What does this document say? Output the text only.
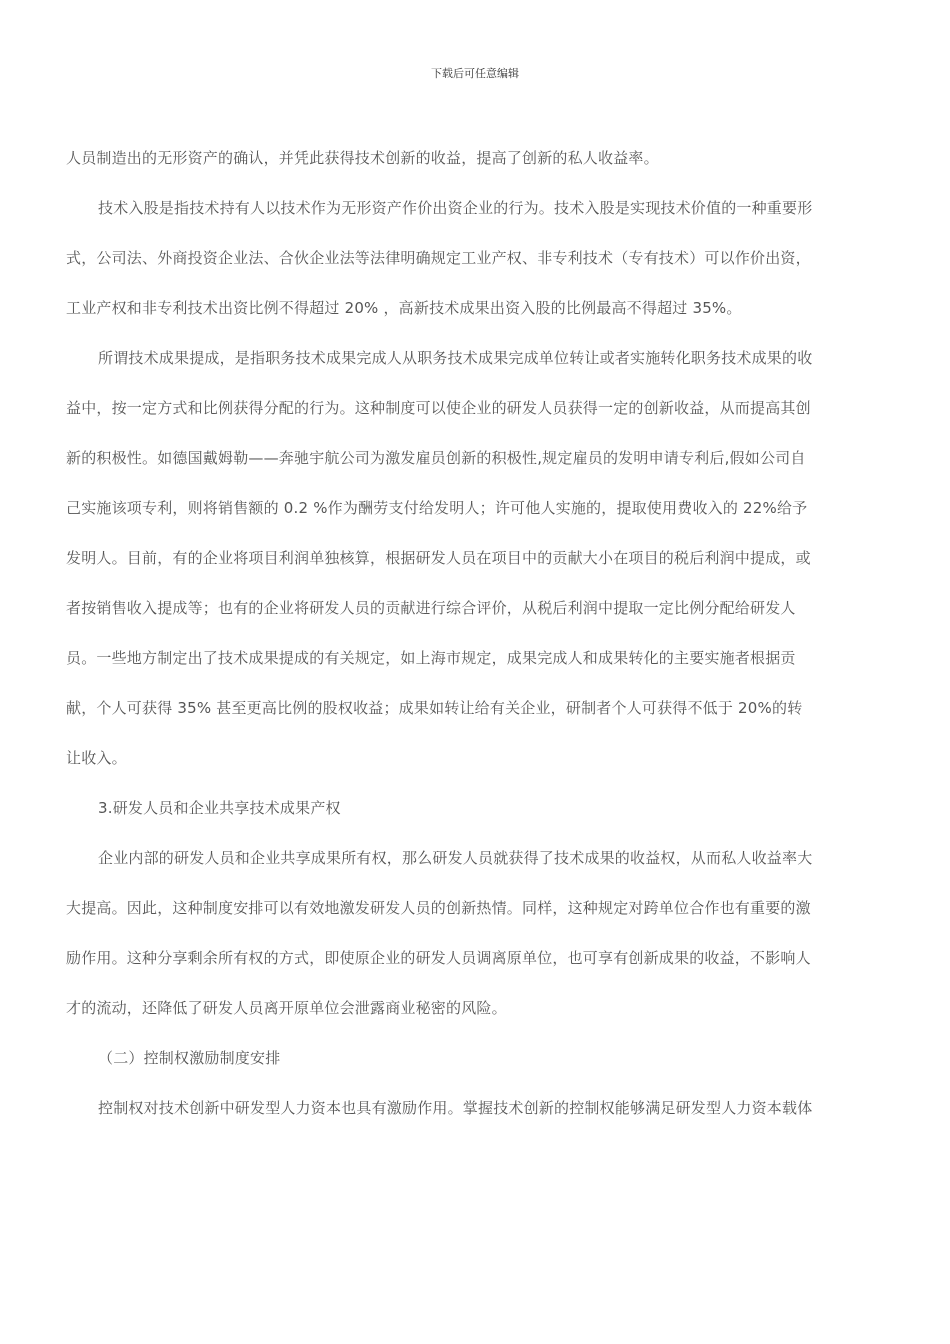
下载后可任意编辑

人员制造出的无形资产的确认，并凭此获得技术创新的收益，提高了创新的私人收益率。

技术入股是指技术持有人以技术作为无形资产作价出资企业的行为。技术入股是实现技术价值的一种重要形
式，公司法、外商投资企业法、合伙企业法等法律明确规定工业产权、非专利技术（专有技术）可以作价出资，
工业产权和非专利技术出资比例不得超过 20% ，高新技术成果出资入股的比例最高不得超过 35%。

所谓技术成果提成，是指职务技术成果完成人从职务技术成果完成单位转让或者实施转化职务技术成果的收
益中，按一定方式和比例获得分配的行为。这种制度可以使企业的研发人员获得一定的创新收益，从而提高其创
新的积极性。如德国戴姆勒——奔驰宇航公司为激发雇员创新的积极性,规定雇员的发明申请专利后,假如公司自
己实施该项专利，则将销售额的 0.2 %作为酬劳支付给发明人；许可他人实施的，提取使用费收入的 22%给予
发明人。目前，有的企业将项目利润单独核算，根据研发人员在项目中的贡献大小在项目的税后利润中提成，或
者按销售收入提成等；也有的企业将研发人员的贡献进行综合评价，从税后利润中提取一定比例分配给研发人
员。一些地方制定出了技术成果提成的有关规定，如上海市规定，成果完成人和成果转化的主要实施者根据贡
献，个人可获得 35% 甚至更高比例的股权收益；成果如转让给有关企业，研制者个人可获得不低于 20%的转
让收入。

3.研发人员和企业共享技术成果产权

企业内部的研发人员和企业共享成果所有权，那么研发人员就获得了技术成果的收益权，从而私人收益率大
大提高。因此，这种制度安排可以有效地激发研发人员的创新热情。同样，这种规定对跨单位合作也有重要的激
励作用。这种分享剩余所有权的方式，即使原企业的研发人员调离原单位，也可享有创新成果的收益，不影响人
才的流动，还降低了研发人员离开原单位会泄露商业秘密的风险。

（二）控制权激励制度安排

控制权对技术创新中研发型人力资本也具有激励作用。掌握技术创新的控制权能够满足研发型人力资本载体
